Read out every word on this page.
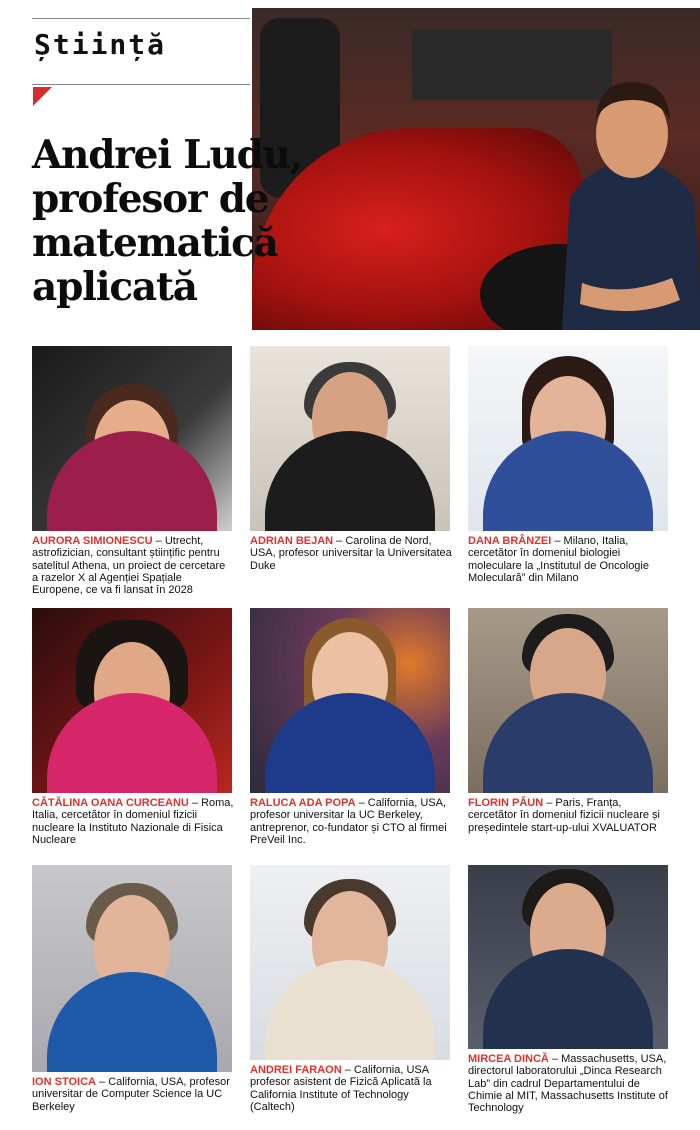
Știință
Andrei Ludu, profesor de matematică aplicată

AURORA SIMIONESCU – Utrecht, astrofizician, consultant științific pentru satelitul Athena, un proiect de cercetare a razelor X al Agenției Spațiale Europene, ce va fi lansat în 2028

ADRIAN BEJAN – Carolina de Nord, USA, profesor universitar la Universitatea Duke

DANA BRÂNZEI – Milano, Italia, cercetător în domeniul biologiei moleculare la „Institutul de Oncologie Moleculară” din Milano

CĂTĂLINA OANA CURCEANU – Roma, Italia, cercetător în domeniul fizicii nucleare la Instituto Nazionale di Fisica Nucleare

RALUCA ADA POPA – California, USA, profesor universitar la UC Berkeley, antreprenor, co-fundator și CTO al firmei PreVeil Inc.

FLORIN PĂUN – Paris, Franța, cercetător în domeniul fizicii nucleare și președintele start-up-ului XVALUATOR

ION STOICA – California, USA, profesor universitar de Computer Science la UC Berkeley

ANDREI FARAON – California, USA profesor asistent de Fizică Aplicată la California Institute of Technology (Caltech)

MIRCEA DINCĂ – Massachusetts, USA, directorul laboratorului „Dinca Research Lab” din cadrul Departamentului de Chimie al MIT, Massachusetts Institute of Technology
